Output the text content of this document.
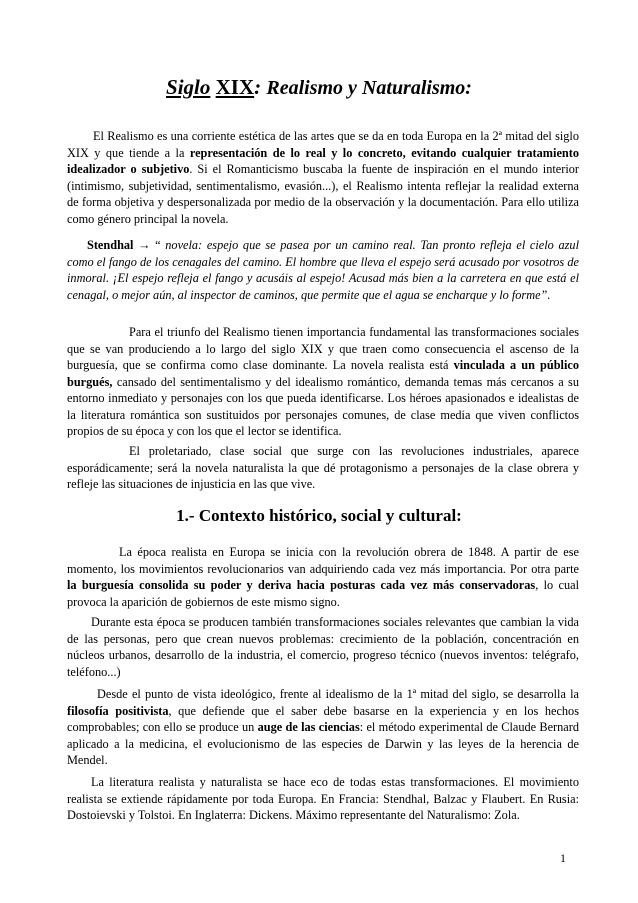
Siglo XIX: Realismo y Naturalismo:

El Realismo es una corriente estética de las artes que se da en toda Europa en la 2ª mitad del siglo XIX y que tiende a la representación de lo real y lo concreto, evitando cualquier tratamiento idealizador o subjetivo. Si el Romanticismo buscaba la fuente de inspiración en el mundo interior (intimismo, subjetividad, sentimentalismo, evasión...), el Realismo intenta reflejar la realidad externa de forma objetiva y despersonalizada por medio de la observación y la documentación. Para ello utiliza como género principal la novela.

Stendhal → “ novela: espejo que se pasea por un camino real. Tan pronto refleja el cielo azul como el fango de los cenagales del camino. El hombre que lleva el espejo será acusado por vosotros de inmoral. ¡El espejo refleja el fango y acusáis al espejo! Acusad más bien a la carretera en que está el cenagal, o mejor aún, al inspector de caminos, que permite que el agua se encharque y lo forme”.

Para el triunfo del Realismo tienen importancia fundamental las transformaciones sociales que se van produciendo a lo largo del siglo XIX y que traen como consecuencia el ascenso de la burguesía, que se confirma como clase dominante. La novela realista está vinculada a un público burgués, cansado del sentimentalismo y del idealismo romántico, demanda temas más cercanos a su entorno inmediato y personajes con los que pueda identificarse. Los héroes apasionados e idealistas de la literatura romántica son sustituidos por personajes comunes, de clase media que viven conflictos propios de su época y con los que el lector se identifica.

El proletariado, clase social que surge con las revoluciones industriales, aparece esporádicamente; será la novela naturalista la que dé protagonismo a personajes de la clase obrera y refleje las situaciones de injusticia en las que vive.

1.- Contexto histórico, social y cultural:

La época realista en Europa se inicia con la revolución obrera de 1848. A partir de ese momento, los movimientos revolucionarios van adquiriendo cada vez más importancia. Por otra parte la burguesía consolida su poder y deriva hacia posturas cada vez más conservadoras, lo cual provoca la aparición de gobiernos de este mismo signo.

Durante esta época se producen también transformaciones sociales relevantes que cambian la vida de las personas, pero que crean nuevos problemas: crecimiento de la población, concentración en núcleos urbanos, desarrollo de la industria, el comercio, progreso técnico (nuevos inventos: telégrafo, teléfono...)

Desde el punto de vista ideológico, frente al idealismo de la 1ª mitad del siglo, se desarrolla la filosofía positivista, que defiende que el saber debe basarse en la experiencia y en los hechos comprobables; con ello se produce un auge de las ciencias: el método experimental de Claude Bernard aplicado a la medicina, el evolucionismo de las especies de Darwin y las leyes de la herencia de Mendel.

La literatura realista y naturalista se hace eco de todas estas transformaciones. El movimiento realista se extiende rápidamente por toda Europa. En Francia: Stendhal, Balzac y Flaubert. En Rusia: Dostoievski y Tolstoi. En Inglaterra: Dickens. Máximo representante del Naturalismo: Zola.

1
